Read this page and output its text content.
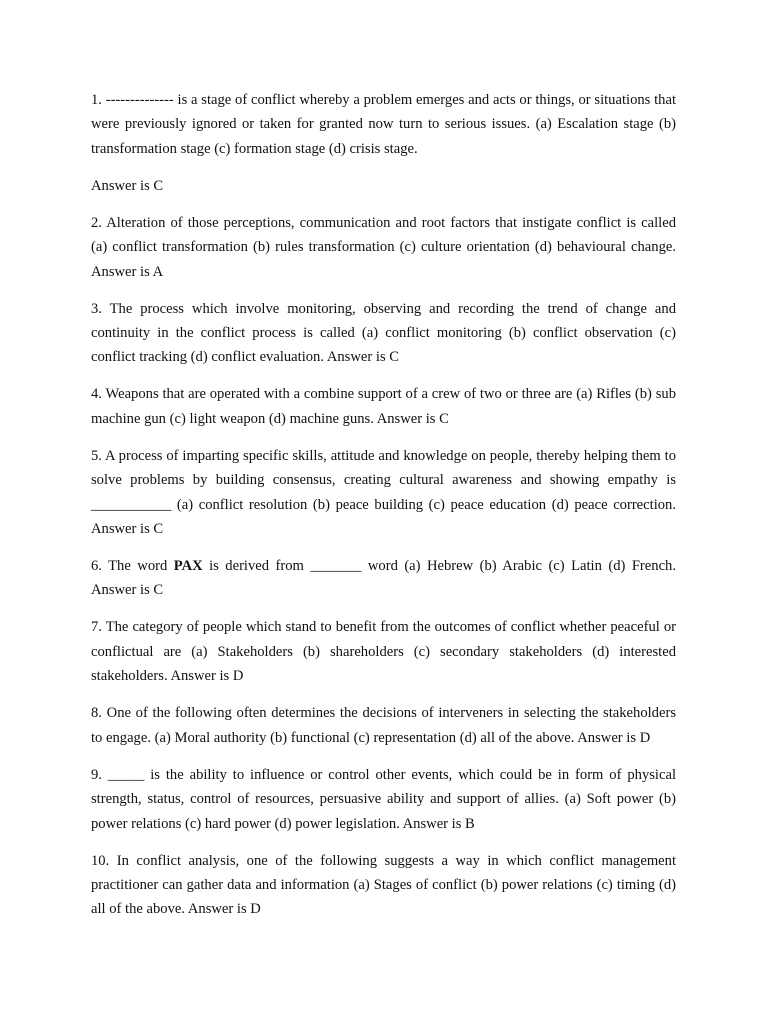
1. -------------- is a stage of conflict whereby a problem emerges and acts or things, or situations that were previously ignored or taken for granted now turn to serious issues. (a) Escalation stage (b) transformation stage (c) formation stage (d) crisis stage.

Answer is C

2. Alteration of those perceptions, communication and root factors that instigate conflict is called (a) conflict transformation (b) rules transformation (c) culture orientation (d) behavioural change. Answer is A

3. The process which involve monitoring, observing and recording the trend of change and continuity in the conflict process is called (a) conflict monitoring (b) conflict observation (c) conflict tracking (d) conflict evaluation. Answer is C

4. Weapons that are operated with a combine support of a crew of two or three are (a) Rifles (b) sub machine gun (c) light weapon (d) machine guns. Answer is C

5. A process of imparting specific skills, attitude and knowledge on people, thereby helping them to solve problems by building consensus, creating cultural awareness and showing empathy is ___________ (a) conflict resolution (b) peace building (c) peace education (d) peace correction. Answer is C

6. The word PAX is derived from _______ word (a) Hebrew (b) Arabic (c) Latin (d) French. Answer is C

7. The category of people which stand to benefit from the outcomes of conflict whether peaceful or conflictual are (a) Stakeholders (b) shareholders (c) secondary stakeholders (d) interested stakeholders. Answer is D

8. One of the following often determines the decisions of interveners in selecting the stakeholders to engage. (a) Moral authority (b) functional (c) representation (d) all of the above. Answer is D

9. _____ is the ability to influence or control other events, which could be in form of physical strength, status, control of resources, persuasive ability and support of allies. (a) Soft power (b) power relations (c) hard power (d) power legislation. Answer is B

10. In conflict analysis, one of the following suggests a way in which conflict management practitioner can gather data and information (a) Stages of conflict (b) power relations (c) timing (d) all of the above. Answer is D
